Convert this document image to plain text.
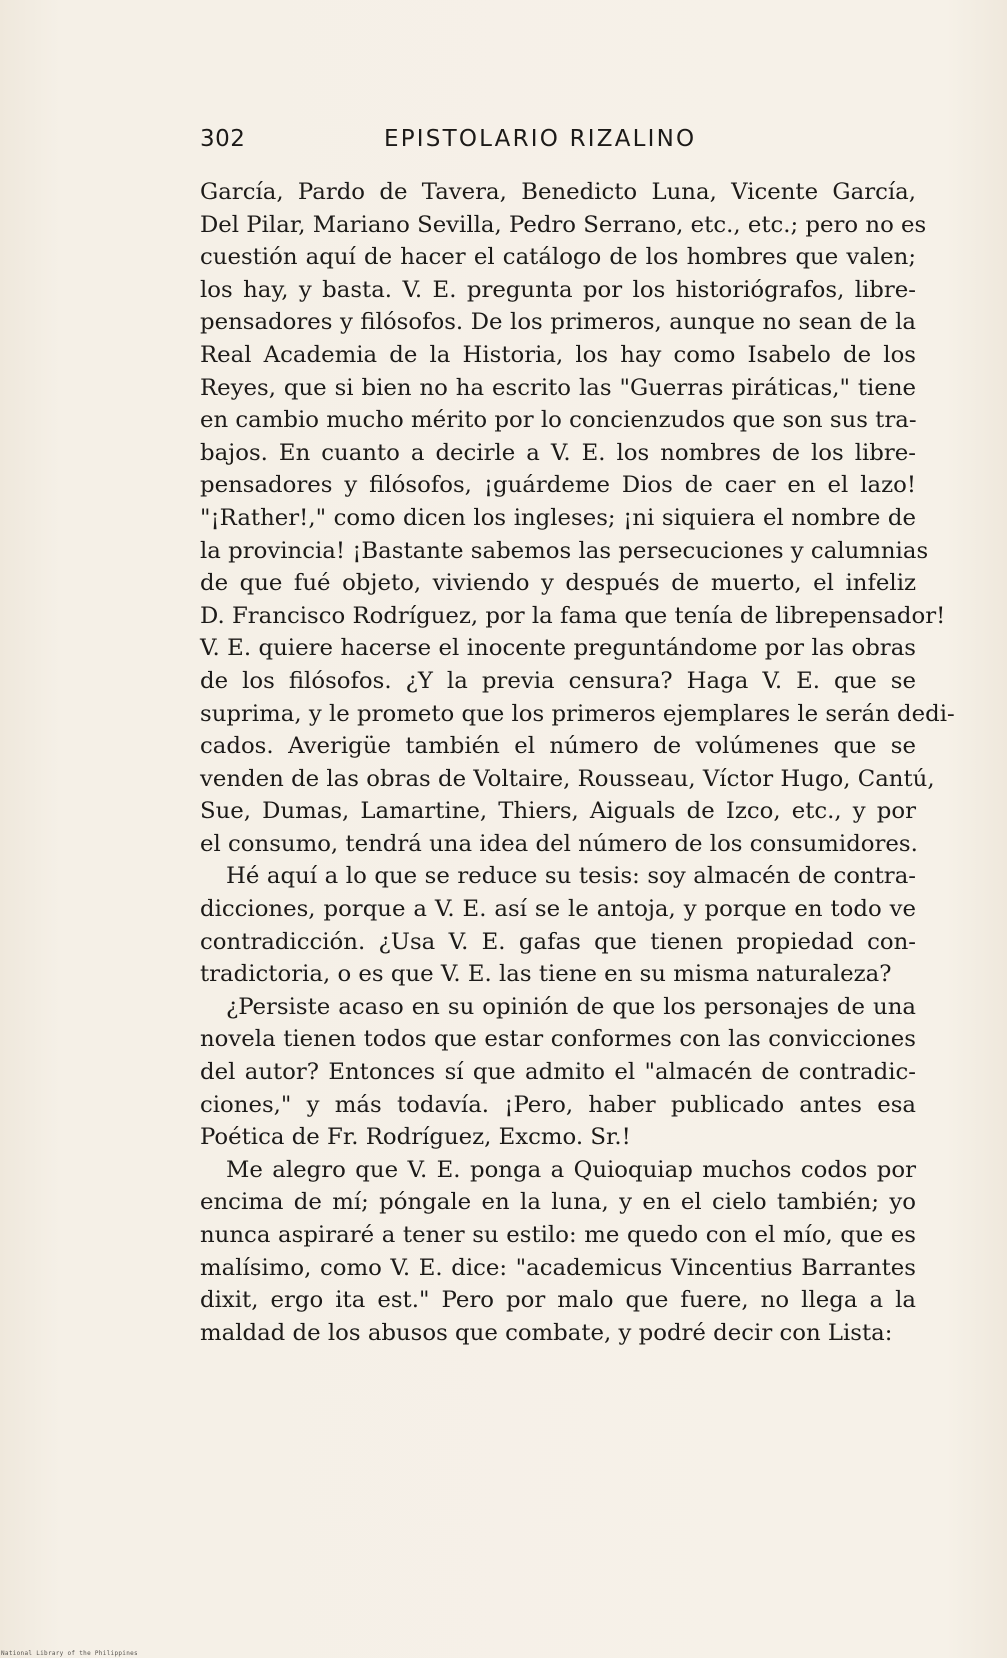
302	EPISTOLARIO RIZALINO
García, Pardo de Tavera, Benedicto Luna, Vicente García,
Del Pilar, Mariano Sevilla, Pedro Serrano, etc., etc.; pero no es
cuestión aquí de hacer el catálogo de los hombres que valen;
los hay, y basta. V. E. pregunta por los historiógrafos, libre-
pensadores y filósofos. De los primeros, aunque no sean de la
Real Academia de la Historia, los hay como Isabelo de los
Reyes, que si bien no ha escrito las "Guerras piráticas," tiene
en cambio mucho mérito por lo concienzudos que son sus tra-
bajos. En cuanto a decirle a V. E. los nombres de los libre-
pensadores y filósofos, ¡guárdeme Dios de caer en el lazo!
"¡Rather!," como dicen los ingleses; ¡ni siquiera el nombre de
la provincia! ¡Bastante sabemos las persecuciones y calumnias
de que fué objeto, viviendo y después de muerto, el infeliz
D. Francisco Rodríguez, por la fama que tenía de librepensador!
V. E. quiere hacerse el inocente preguntándome por las obras
de los filósofos. ¿Y la previa censura? Haga V. E. que se
suprima, y le prometo que los primeros ejemplares le serán dedi-
cados. Averigüe también el número de volúmenes que se
venden de las obras de Voltaire, Rousseau, Víctor Hugo, Cantú,
Sue, Dumas, Lamartine, Thiers, Aiguals de Izco, etc., y por
el consumo, tendrá una idea del número de los consumidores.
Hé aquí a lo que se reduce su tesis: soy almacén de contra-
dicciones, porque a V. E. así se le antoja, y porque en todo ve
contradicción. ¿Usa V. E. gafas que tienen propiedad con-
tradictoria, o es que V. E. las tiene en su misma naturaleza?
¿Persiste acaso en su opinión de que los personajes de una
novela tienen todos que estar conformes con las convicciones
del autor? Entonces sí que admito el "almacén de contradic-
ciones," y más todavía. ¡Pero, haber publicado antes esa
Poética de Fr. Rodríguez, Excmo. Sr.!
Me alegro que V. E. ponga a Quioquiap muchos codos por
encima de mí; póngale en la luna, y en el cielo también; yo
nunca aspiraré a tener su estilo: me quedo con el mío, que es
malísimo, como V. E. dice: "academicus Vincentius Barrantes
dixit, ergo ita est." Pero por malo que fuere, no llega a la
maldad de los abusos que combate, y podré decir con Lista:
National Library of the Philippines
